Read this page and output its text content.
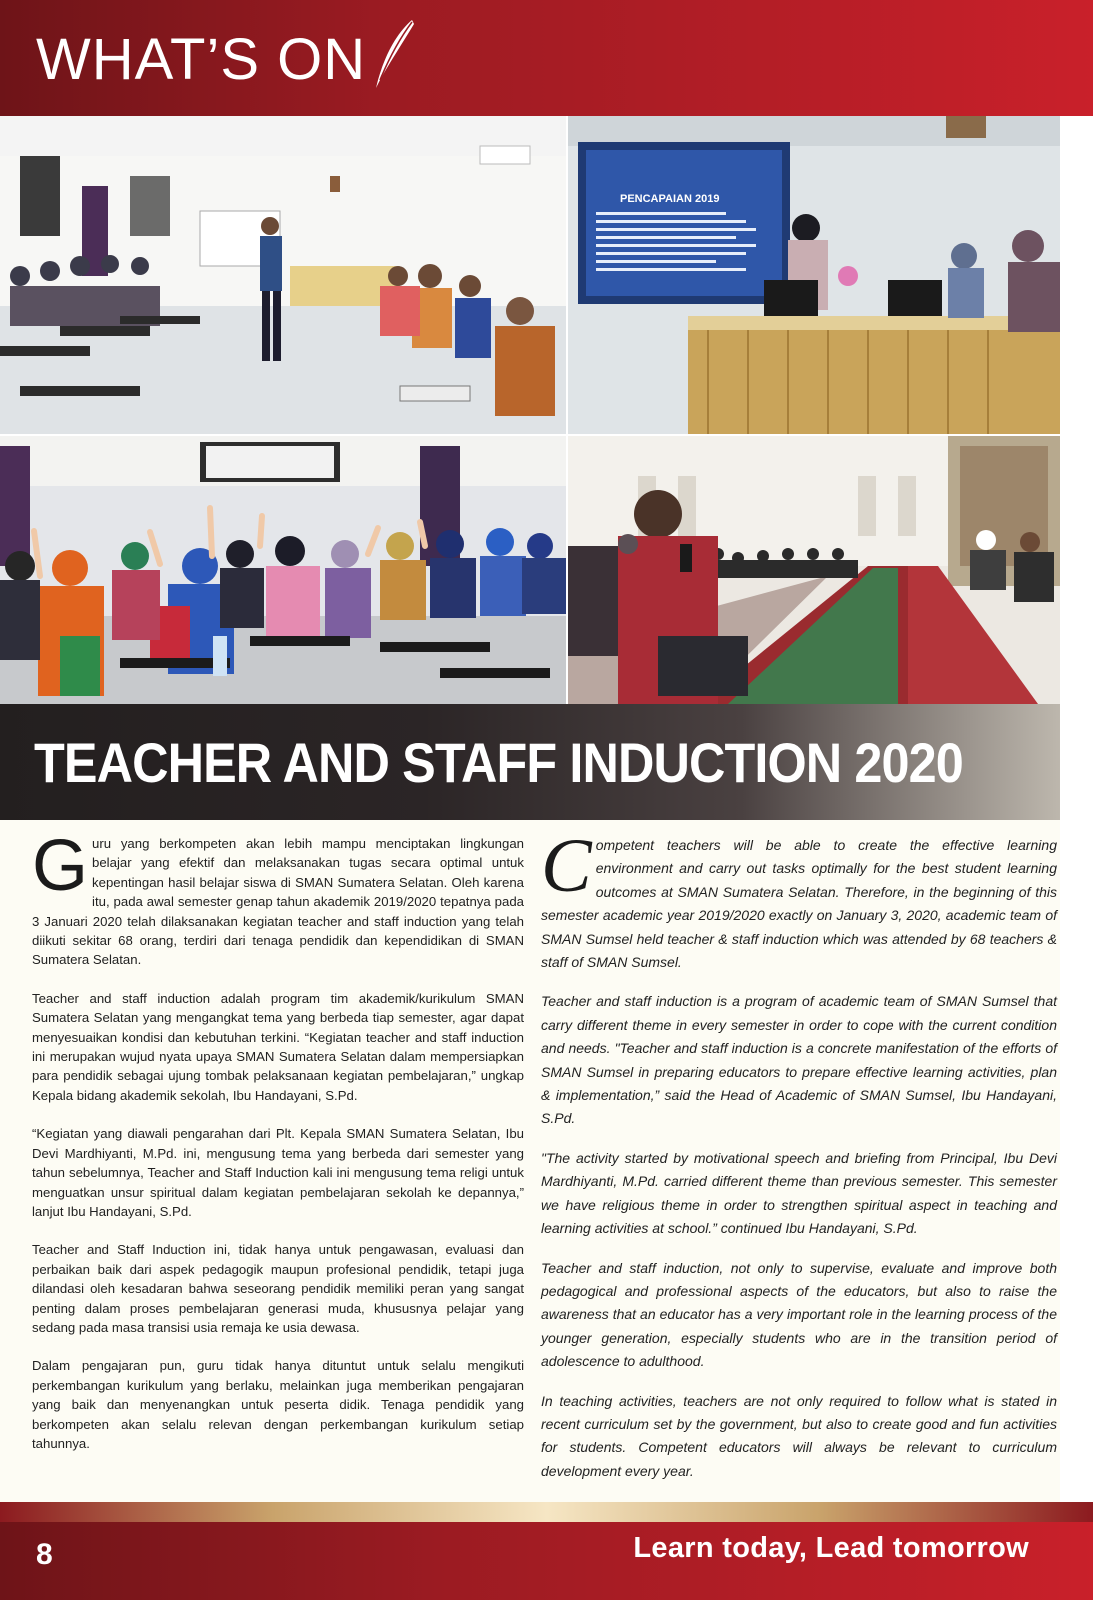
WHAT’S ON
PENCAPAIAN 2019
TEACHER AND STAFF INDUCTION 2020

Guru yang berkompeten akan lebih mampu menciptakan lingkungan belajar yang efektif dan melaksanakan tugas secara optimal untuk kepentingan hasil belajar siswa di SMAN Sumatera Selatan. Oleh karena itu, pada awal semester genap tahun akademik 2019/2020 tepatnya pada 3 Januari 2020 telah dilaksanakan kegiatan teacher and staff induction yang telah diikuti sekitar 68 orang, terdiri dari tenaga pendidik dan kependidikan di SMAN Sumatera Selatan.

Teacher and staff induction adalah program tim akademik/kurikulum SMAN Sumatera Selatan yang mengangkat tema yang berbeda tiap semester, agar dapat menyesuaikan kondisi dan kebutuhan terkini. “Kegiatan teacher and staff induction ini merupakan wujud nyata upaya SMAN Sumatera Selatan dalam mempersiapkan para pendidik sebagai ujung tombak pelaksanaan kegiatan pembelajaran,” ungkap Kepala bidang akademik sekolah, Ibu Handayani, S.Pd.

“Kegiatan yang diawali pengarahan dari Plt. Kepala SMAN Sumatera Selatan, Ibu Devi Mardhiyanti, M.Pd. ini, mengusung tema yang berbeda dari semester yang tahun sebelumnya, Teacher and Staff Induction kali ini mengusung tema religi untuk menguatkan unsur spiritual dalam kegiatan pembelajaran sekolah ke depannya,” lanjut Ibu Handayani, S.Pd.

Teacher and Staff Induction ini, tidak hanya untuk pengawasan, evaluasi dan perbaikan baik dari aspek pedagogik maupun profesional pendidik, tetapi juga dilandasi oleh kesadaran bahwa seseorang pendidik memiliki peran yang sangat penting dalam proses pembelajaran generasi muda, khususnya pelajar yang sedang pada masa transisi usia remaja ke usia dewasa.

Dalam pengajaran pun, guru tidak hanya dituntut untuk selalu mengikuti perkembangan kurikulum yang berlaku, melainkan juga memberikan pengajaran yang baik dan menyenangkan untuk peserta didik. Tenaga pendidik yang berkompeten akan selalu relevan dengan perkembangan kurikulum setiap tahunnya.

Competent teachers will be able to create the effective learning environment and carry out tasks optimally for the best student learning outcomes at SMAN Sumatera Selatan. Therefore, in the beginning of this semester academic year 2019/2020 exactly on January 3, 2020, academic team of SMAN Sumsel held teacher & staff induction which was attended by 68 teachers & staff of SMAN Sumsel.

Teacher and staff induction is a program of academic team of SMAN Sumsel that carry different theme in every semester in order to cope with the current condition and needs. "Teacher and staff induction is a concrete manifestation of the efforts of SMAN Sumsel in preparing educators to prepare effective learning activities, plan & implementation,” said the Head of Academic of SMAN Sumsel, Ibu Handayani, S.Pd.

"The activity started by motivational speech and briefing from Principal, Ibu Devi Mardhiyanti, M.Pd. carried different theme than previous semester. This semester we have religious theme in order to strengthen spiritual aspect in teaching and learning activities at school.” continued Ibu Handayani, S.Pd.

Teacher and staff induction, not only to supervise, evaluate and improve both pedagogical and professional aspects of the educators, but also to raise the awareness that an educator has a very important role in the learning process of the younger generation, especially students who are in the transition period of adolescence to adulthood.

In teaching activities, teachers are not only required to follow what is stated in recent curriculum set by the government, but also to create good and fun activities for students. Competent educators will always be relevant to curriculum development every year.

8	Learn today, Lead tomorrow
